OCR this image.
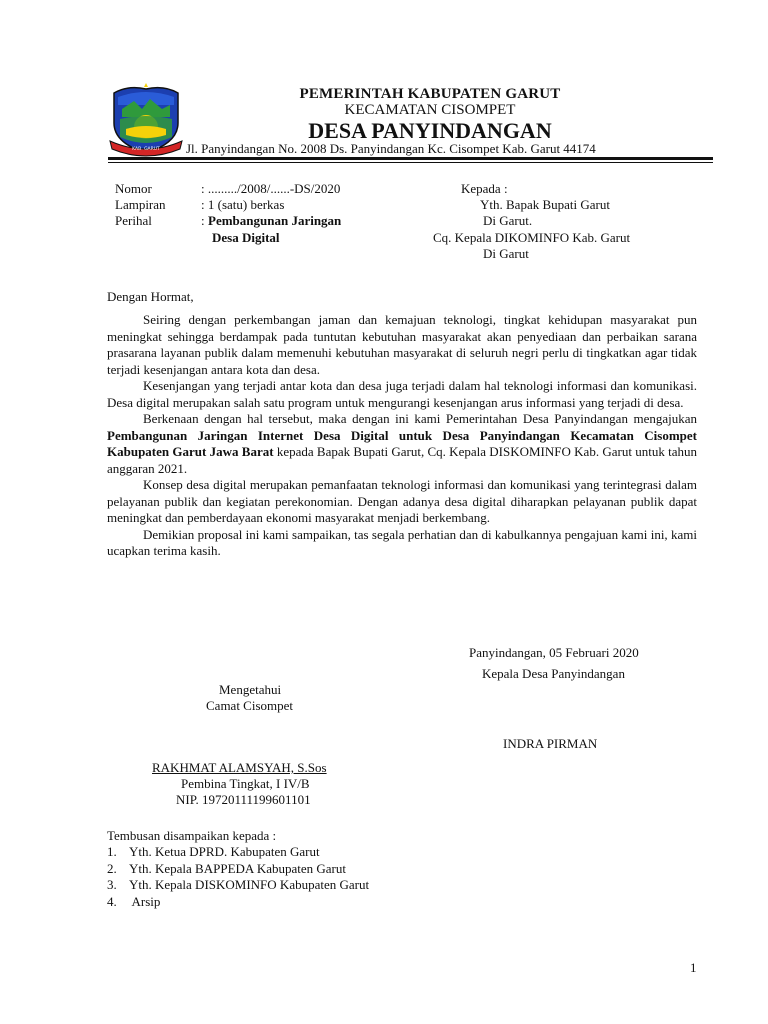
KAB. GARUT
PEMERINTAH KABUPATEN GARUT
KECAMATAN CISOMPET
DESA PANYINDANGAN
Jl. Panyindangan No. 2008 Ds. Panyindangan Kc. Cisompet Kab. Garut 44174
Nomor	: ........./2008/......-DS/2020
Lampiran	: 1 (satu) berkas
Perihal	: Pembangunan Jaringan
Desa Digital
Kepada :
Yth. Bapak Bupati Garut
Di Garut.
Cq. Kepala DIKOMINFO Kab. Garut
Di Garut
Dengan Hormat,

Seiring dengan perkembangan jaman dan kemajuan teknologi, tingkat kehidupan masyarakat pun meningkat sehingga berdampak pada tuntutan kebutuhan masyarakat akan penyediaan dan perbaikan sarana prasarana layanan publik dalam memenuhi kebutuhan masyarakat di seluruh negri perlu di tingkatkan agar tidak terjadi kesenjangan antara kota dan desa.

Kesenjangan yang terjadi antar kota dan desa juga terjadi dalam hal teknologi informasi dan komunikasi. Desa digital merupakan salah satu program untuk mengurangi kesenjangan arus informasi yang terjadi di desa.

Berkenaan dengan hal tersebut, maka dengan ini kami Pemerintahan Desa Panyindangan mengajukan Pembangunan Jaringan Internet Desa Digital untuk Desa Panyindangan Kecamatan Cisompet Kabupaten Garut Jawa Barat kepada Bapak Bupati Garut, Cq. Kepala DISKOMINFO Kab. Garut untuk tahun anggaran 2021.

Konsep desa digital merupakan pemanfaatan teknologi informasi dan komunikasi yang terintegrasi dalam pelayanan publik dan kegiatan perekonomian. Dengan adanya desa digital diharapkan pelayanan publik dapat meningkat dan pemberdayaan ekonomi masyarakat menjadi berkembang.

Demikian proposal ini kami sampaikan, tas segala perhatian dan di kabulkannya pengajuan kami ini, kami ucapkan terima kasih.

Panyindangan, 05 Februari 2020
Kepala Desa Panyindangan
INDRA PIRMAN
Mengetahui
Camat Cisompet
RAKHMAT ALAMSYAH, S.Sos
Pembina Tingkat, I IV/B
NIP. 19720111199601101
Tembusan disampaikan kepada :
1. Yth. Ketua DPRD. Kabupaten Garut
2. Yth. Kepala BAPPEDA Kabupaten Garut
3. Yth. Kepala DISKOMINFO Kabupaten Garut
4. Arsip
1
